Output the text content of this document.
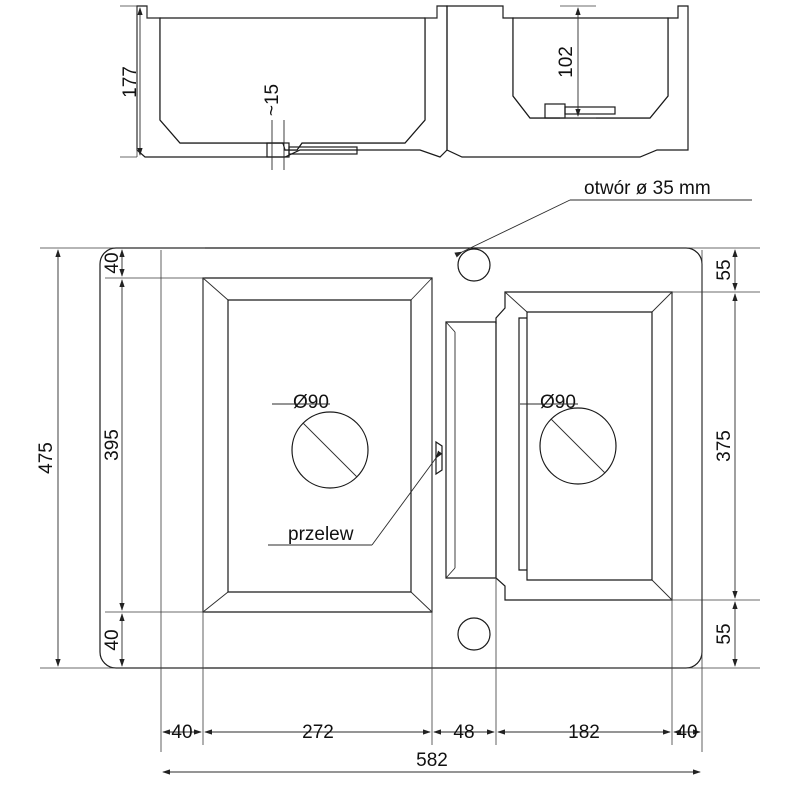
177
102
~15
Ø90	Ø90
otwór ø 35 mm
przelew
40
395
40
475
55
375
55
40	272	48	182	40
582
